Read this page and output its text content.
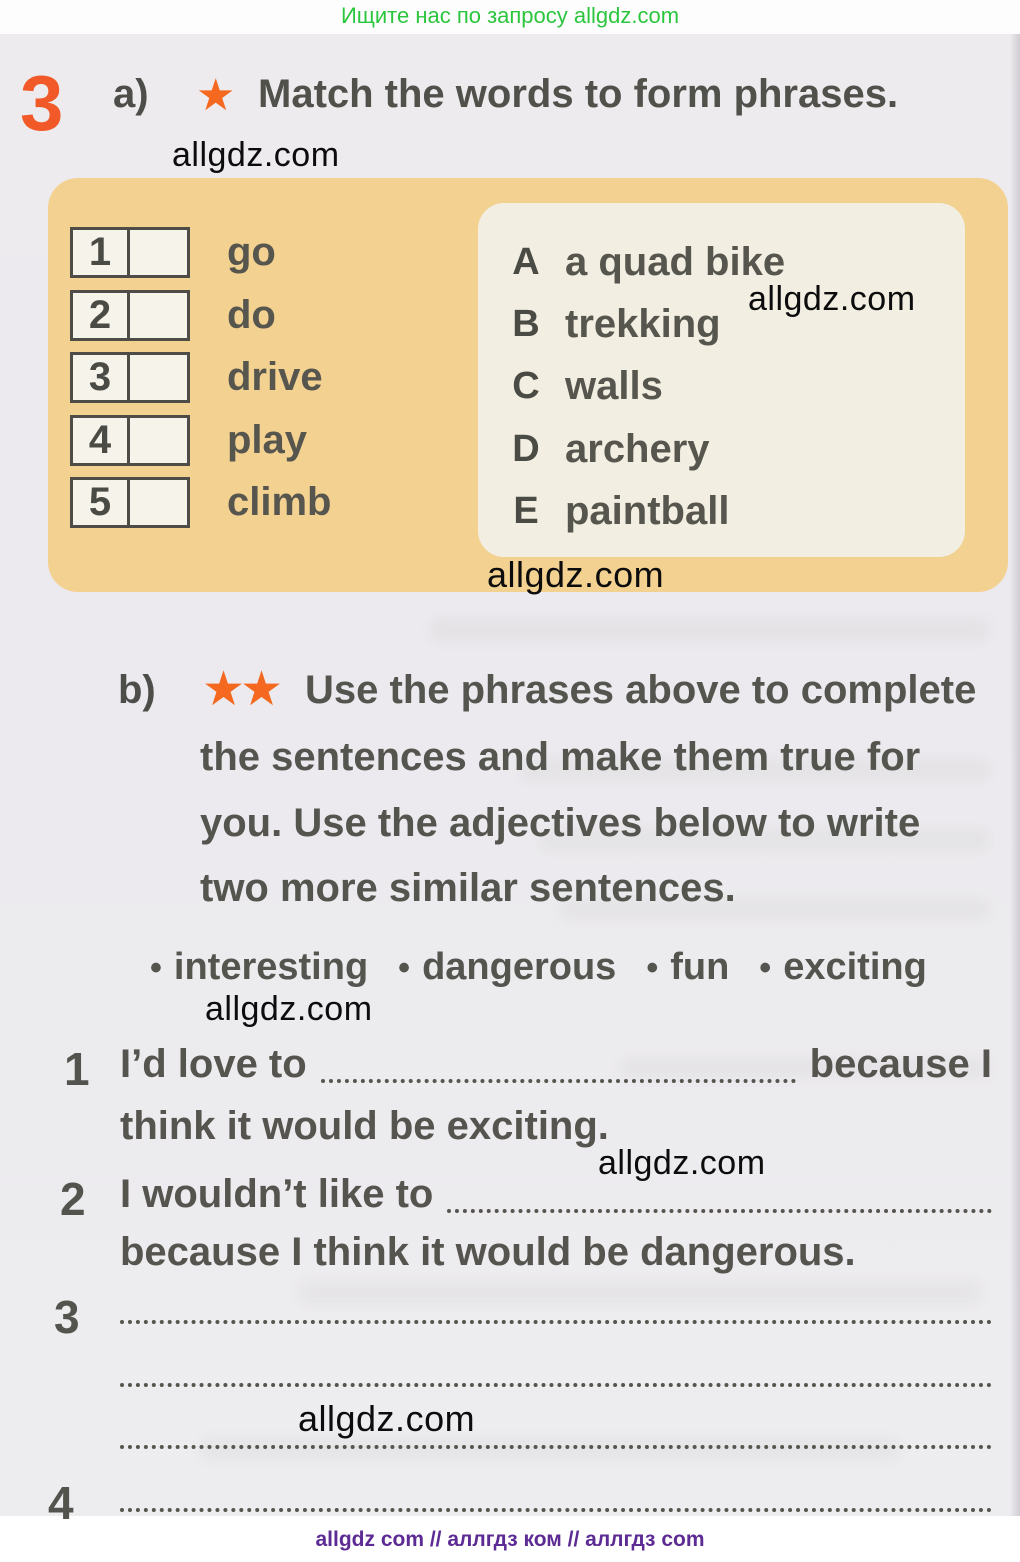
Ищите нас по запросу allgdz.com
3 a) ★ Match the words to form phrases.
allgdz.com
1	go
2	do
3	drive
4	play
5	climb
A a quad bike
B trekking
C walls
D archery
E paintball
allgdz.com
allgdz.com
b) ★★ Use the phrases above to complete
the sentences and make them true for
you. Use the adjectives below to write
two more similar sentences.
• interesting • dangerous • fun • exciting
allgdz.com
1 I’d love to	because I
think it would be exciting.
allgdz.com
2 I wouldn’t like to
because I think it would be dangerous.
3
allgdz.com
4
allgdz com // аллгдз ком // аллгдз com
